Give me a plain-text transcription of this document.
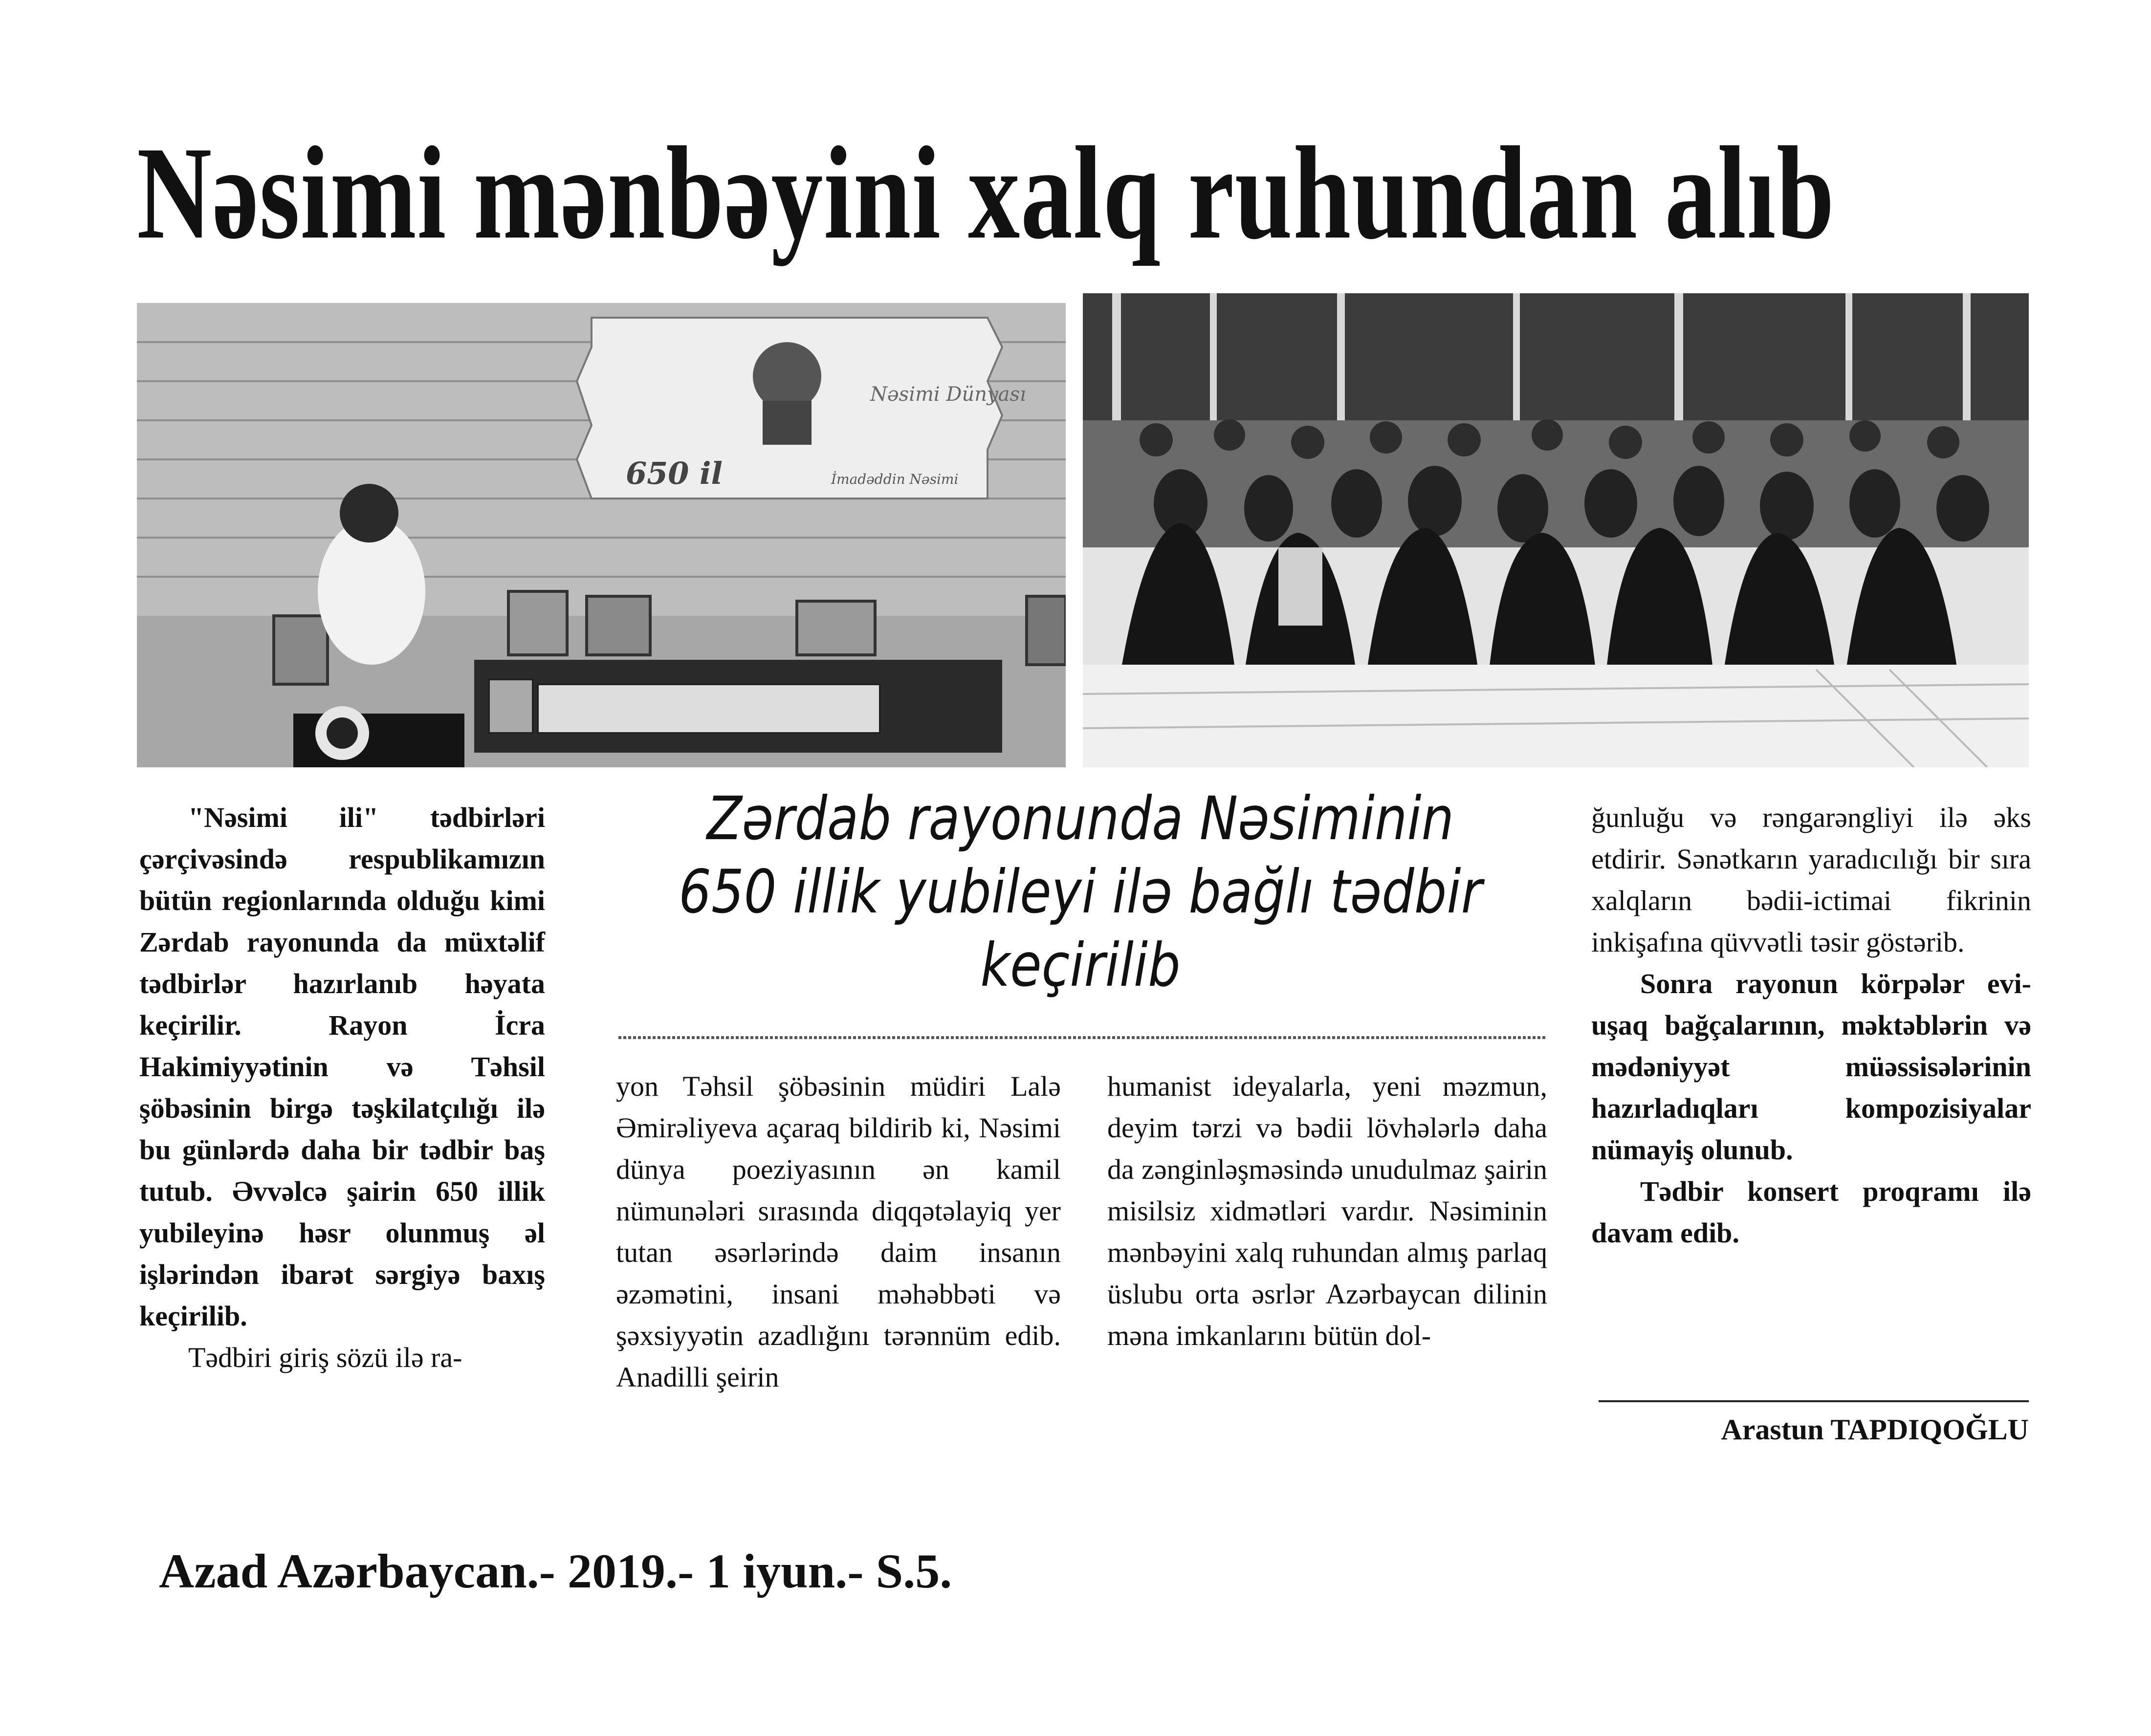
Nəsimi mənbəyini xalq ruhundan alıb
İmadəddin Nəsimi
Nəsimi Dünyası
650 il

"Nəsimi ili" tədbirləri çərçivəsində respublikamızın bütün regionlarında olduğu kimi Zərdab rayonunda da müxtəlif tədbirlər hazırlanıb həyata keçirilir. Rayon İcra Hakimiyyətinin və Təhsil şöbəsinin birgə təşkilatçılığı ilə bu günlərdə daha bir tədbir baş tutub. Əvvəlcə şairin 650 illik yubileyinə həsr olunmuş əl işlərindən ibarət sərgiyə baxış keçirilib.

Tədbiri giriş sözü ilə ra-

Zərdab rayonunda Nəsiminin 650 illik yubileyi ilə bağlı tədbir keçirilib
yon Təhsil şöbəsinin müdiri Lalə Əmirəliyeva açaraq bildirib ki, Nəsimi dünya poeziyasının ən kamil nümunələri sırasında diqqətəlayiq yer tutan əsərlərində daim insanın əzəmətini, insani məhəbbəti və şəxsiyyətin azadlığını tərənnüm edib. Anadilli şeirin
humanist ideyalarla, yeni məzmun, deyim tərzi və bədii lövhələrlə daha da zənginləşməsində unudulmaz şairin misilsiz xidmətləri vardır. Nəsiminin mənbəyini xalq ruhundan almış parlaq üslubu orta əsrlər Azərbaycan dilinin məna imkanlarını bütün dol-

ğunluğu və rəngarəngliyi ilə əks etdirir. Sənətkarın yaradıcılığı bir sıra xalqların bədii-ictimai fikrinin inkişafına qüvvətli təsir göstərib.

Sonra rayonun körpələr evi-uşaq bağçalarının, məktəblərin və mədəniyyət müəssisələrinin hazırladıqları kompozisiyalar nümayiş olunub.

Tədbir konsert proqramı ilə davam edib.

Arastun TAPDIQOĞLU
Azad Azərbaycan.- 2019.- 1 iyun.- S.5.
